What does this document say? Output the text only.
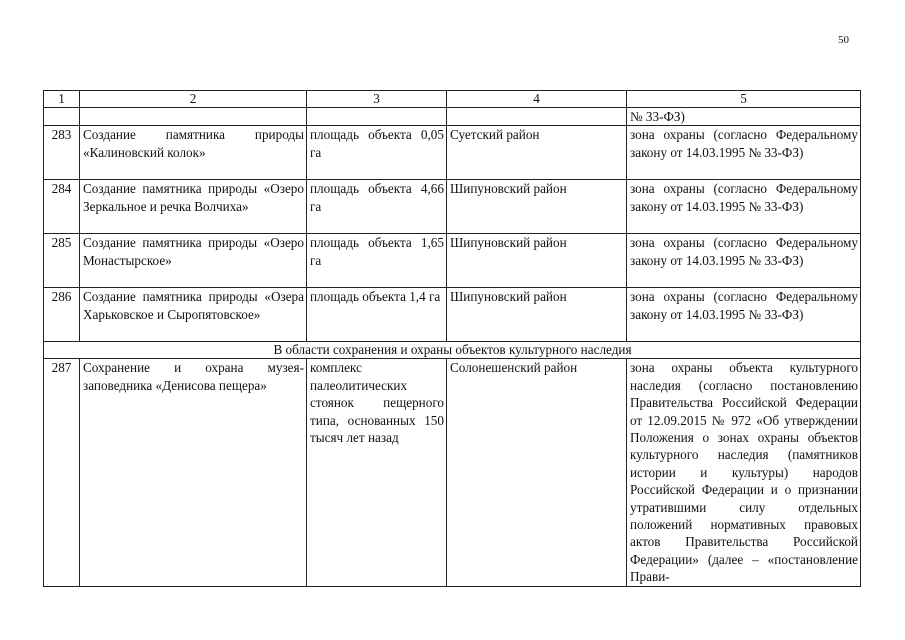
50
1	2	3	4	5
				№ 33-ФЗ)
283	Создание памятника природы «Калиновский колок»	площадь объекта 0,05 га	Суетский район	зона охраны (согласно Федеральному закону от 14.03.1995 № 33-ФЗ)
284	Создание памятника природы «Озеро Зеркальное и речка Волчиха»	площадь объекта 4,66 га	Шипуновский район	зона охраны (согласно Федеральному закону от 14.03.1995 № 33-ФЗ)
285	Создание памятника природы «Озеро Монастырское»	площадь объекта 1,65 га	Шипуновский район	зона охраны (согласно Федеральному закону от 14.03.1995 № 33-ФЗ)
286	Создание памятника природы «Озера Харьковское и Сыропятовское»	площадь объекта 1,4 га	Шипуновский район	зона охраны (согласно Федеральному закону от 14.03.1995 № 33-ФЗ)
В области сохранения и охраны объектов культурного наследия				
287	Сохранение и охрана музея-заповедника «Денисова пещера»	комплекс палеолитических стоянок пещерного типа, основанных 150 тысяч лет назад	Солонешенский район	зона охраны объекта культурного наследия (согласно постановлению Правительства Российской Федерации от 12.09.2015 № 972 «Об утверждении Положения о зонах охраны объектов культурного наследия (памятников истории и культуры) народов Российской Федерации и о признании утратившими силу отдельных положений нормативных правовых актов Правительства Российской Федерации» (далее – «постановление Прави-
